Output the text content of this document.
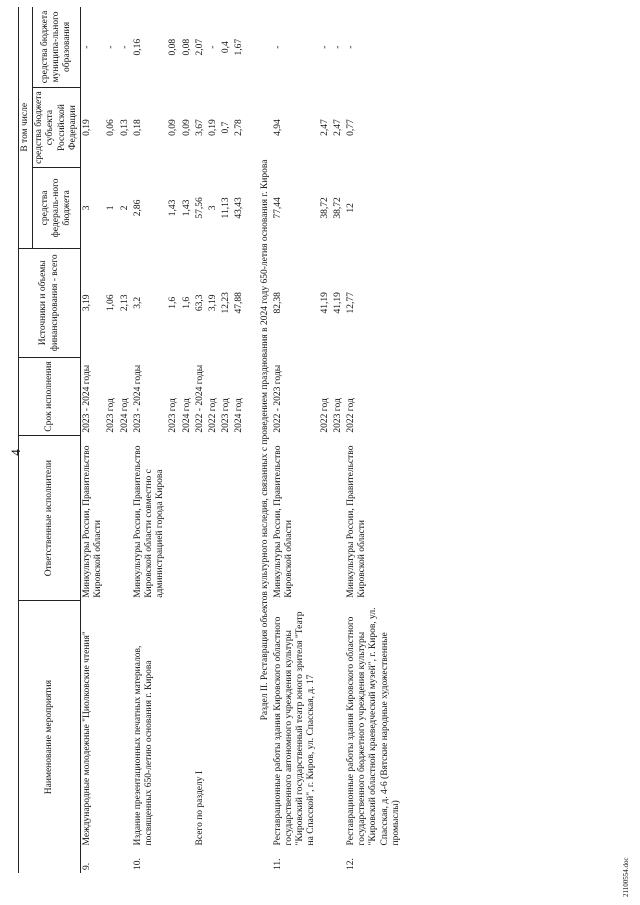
4
Наименование мероприятия		Ответственные исполнители	Срок исполнения	Источники и объемы финансирования - всего	В том числе		
					средства федераль-ного бюджета	средства бюджета субъекта Российской Федерации	средства бюджета муниципа-льного образования
9.	Международные молодежные "Циолковские чтения"	Минкультуры России, Правительство Кировской области	2023 - 2024 годы	3,19	3	0,19	-
			2023 год	1,06	1	0,06	-
			2024 год	2,13	2	0,13	-
10.	Издание презентационных печатных материалов, посвященных 650-летию основания г. Кирова	Минкультуры России, Правительство Кировской области совместно с администрацией города Кирова	2023 - 2024 годы	3,2	2,86	0,18	0,16
			2023 год	1,6	1,43	0,09	0,08
			2024 год	1,6	1,43	0,09	0,08
	Всего по разделу I		2022 - 2024 годы	63,3	57,56	3,67	2,07
			2022 год	3,19	3	0,19	-
			2023 год	12,23	11,13	0,7	0,4
			2024 год	47,88	43,43	2,78	1,67

Раздел II. Реставрация объектов культурного наследия, связанных с проведением празднования в 2024 году 650-летия основания г. Кирова							
11.	Реставрационные работы здания Кировского областного государственного автономного учреждения культуры "Кировский государственный театр юного зрителя "Театр на Спасской", г. Киров, ул. Спасская, д. 17	Минкультуры России, Правительство Кировской области	2022 - 2023 годы	82,38	77,44	4,94	-
			2022 год	41,19	38,72	2,47	-
			2023 год	41,19	38,72	2,47	-
12.	Реставрационные работы здания Кировского областного государственного бюджетного учреждения культуры "Кировский областной краеведческий музей", г. Киров, ул. Спасская, д. 4-6 (Вятские народные художественные промыслы)	Минкультуры России, Правительство Кировской области	2022 год	12,77	12	0,77	-
21100554.doc
